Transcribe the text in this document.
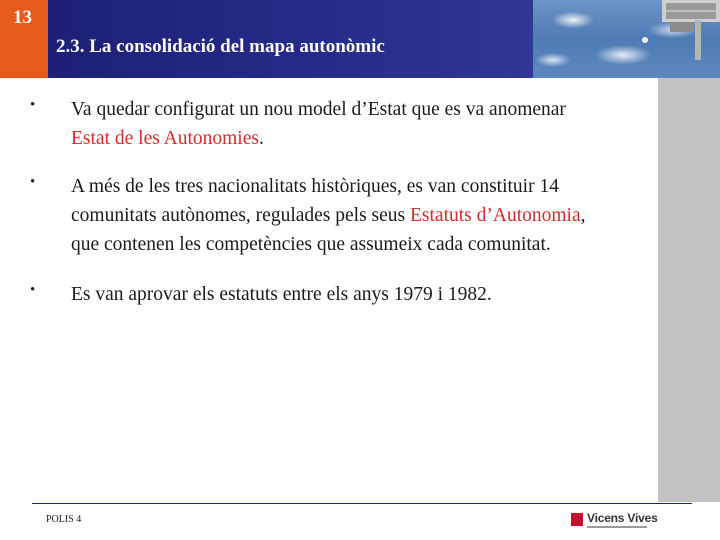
13
2.3. La consolidació del mapa autonòmic
• Va quedar configurat un nou model d’Estat que es va anomenar
Estat de les Autonomies.
• A més de les tres nacionalitats històriques, es van constituir 14
comunitats autònomes, regulades pels seus Estatuts d’Autonomia,
que contenen les competències que assumeix cada comunitat.
• Es van aprovar els estatuts entre els anys 1979 i 1982.
POLIS 4	Vicens Vives
